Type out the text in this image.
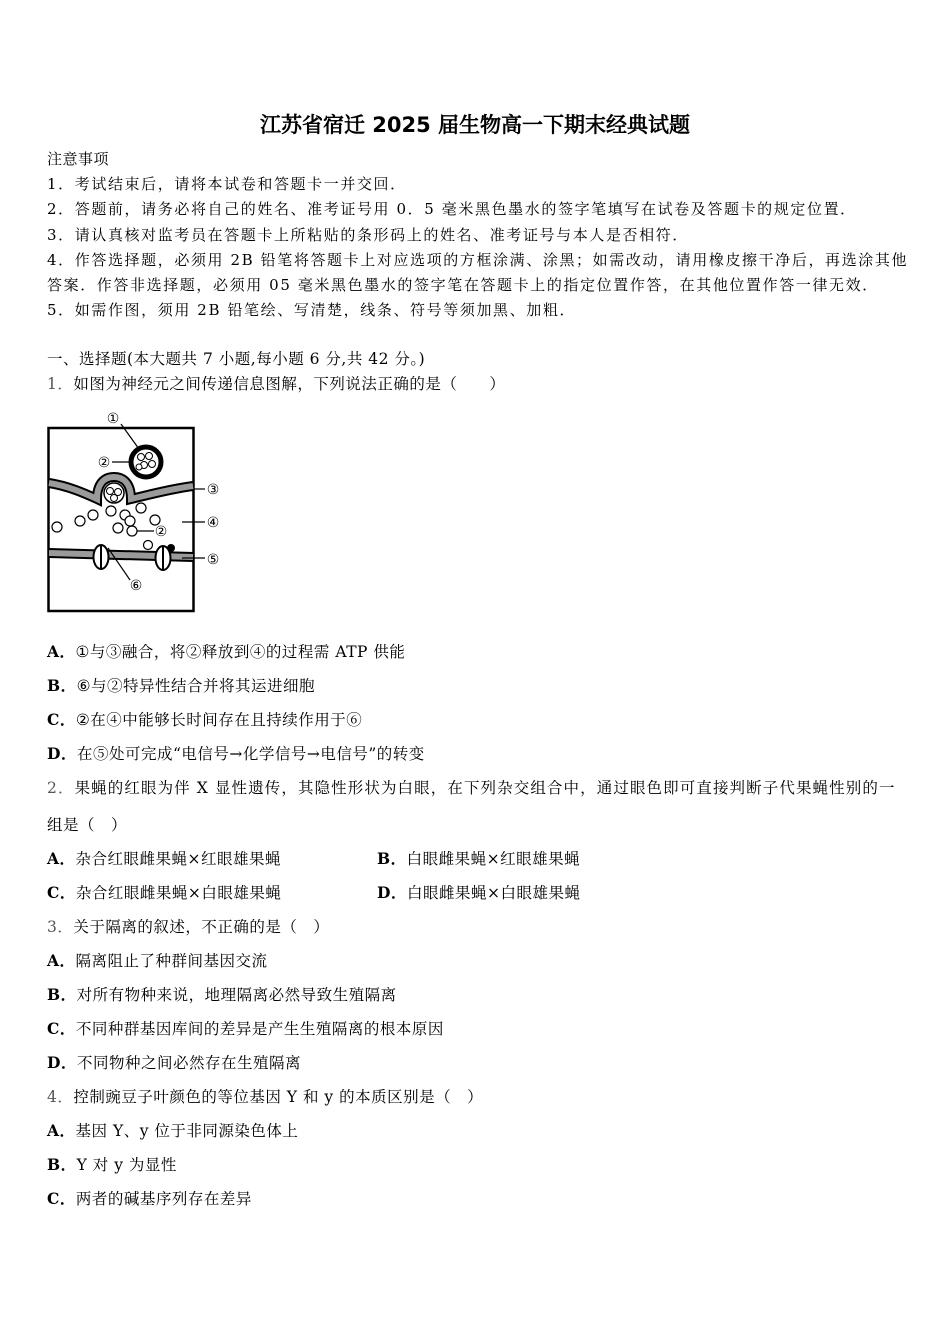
江苏省宿迁 2025 届生物高一下期末经典试题
注意事项
1．考试结束后，请将本试卷和答题卡一并交回．
2．答题前，请务必将自己的姓名、准考证号用 0．5 毫米黑色墨水的签字笔填写在试卷及答题卡的规定位置．
3．请认真核对监考员在答题卡上所粘贴的条形码上的姓名、准考证号与本人是否相符．
4．作答选择题，必须用 2B 铅笔将答题卡上对应选项的方框涂满、涂黑；如需改动，请用橡皮擦干净后，再选涂其他
答案．作答非选择题，必须用 05 毫米黑色墨水的签字笔在答题卡上的指定位置作答，在其他位置作答一律无效．
5．如需作图，须用 2B 铅笔绘、写清楚，线条、符号等须加黑、加粗．
一、选择题(本大题共 7 小题,每小题 6 分,共 42 分。)
1．如图为神经元之间传递信息图解，下列说法正确的是（　　）
①
②
③
④
②
⑤
⑥
A．①与③融合，将②释放到④的过程需 ATP 供能
B．⑥与②特异性结合并将其运进细胞
C．②在④中能够长时间存在且持续作用于⑥
D．在⑤处可完成“电信号→化学信号→电信号”的转变
2．果蝇的红眼为伴 X 显性遗传，其隐性形状为白眼，在下列杂交组合中，通过眼色即可直接判断子代果蝇性别的一
组是（　）
A．杂合红眼雌果蝇×红眼雄果蝇	B．白眼雌果蝇×红眼雄果蝇
C．杂合红眼雌果蝇×白眼雄果蝇	D．白眼雌果蝇×白眼雄果蝇
3．关于隔离的叙述，不正确的是（　）
A．隔离阻止了种群间基因交流
B．对所有物种来说，地理隔离必然导致生殖隔离
C．不同种群基因库间的差异是产生生殖隔离的根本原因
D．不同物种之间必然存在生殖隔离
4．控制豌豆子叶颜色的等位基因 Y 和 y 的本质区别是（　）
A．基因 Y、y 位于非同源染色体上
B．Y 对 y 为显性
C．两者的碱基序列存在差异
